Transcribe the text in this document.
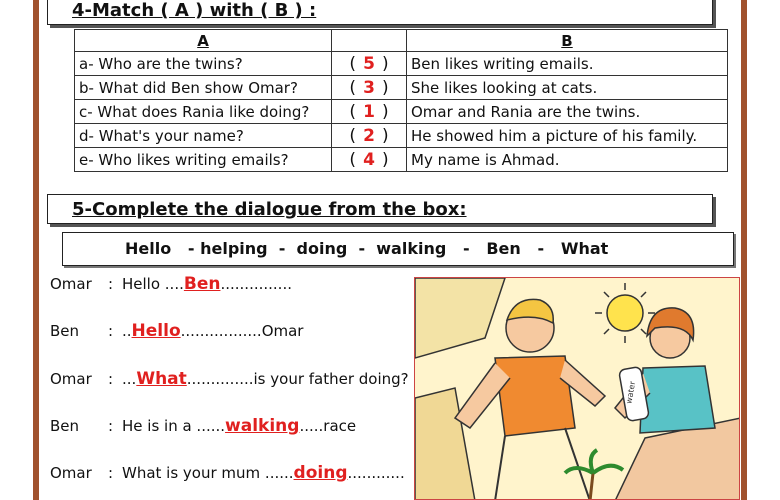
4-Match ( A ) with ( B ) :
A		B
a- Who are the twins?	( 5 )	Ben likes writing emails.
b- What did Ben show Omar?	( 3 )	She likes looking at cats.
c- What does Rania like doing?	( 1 )	Omar and Rania are the twins.
d- What's your name?	( 2 )	He showed him a picture of his family.
e- Who likes writing emails?	( 4 )	My name is Ahmad.
5-Complete the dialogue from the box:
Hello   - helping  -  doing  -  walking   -   Ben   -   What
Omar : Hello ....Ben...............
Ben : ..Hello.................Omar
Omar : ...What..............is your father doing?
Ben : He is in a ......walking.....race
Omar : What is your mum ......doing............
water
